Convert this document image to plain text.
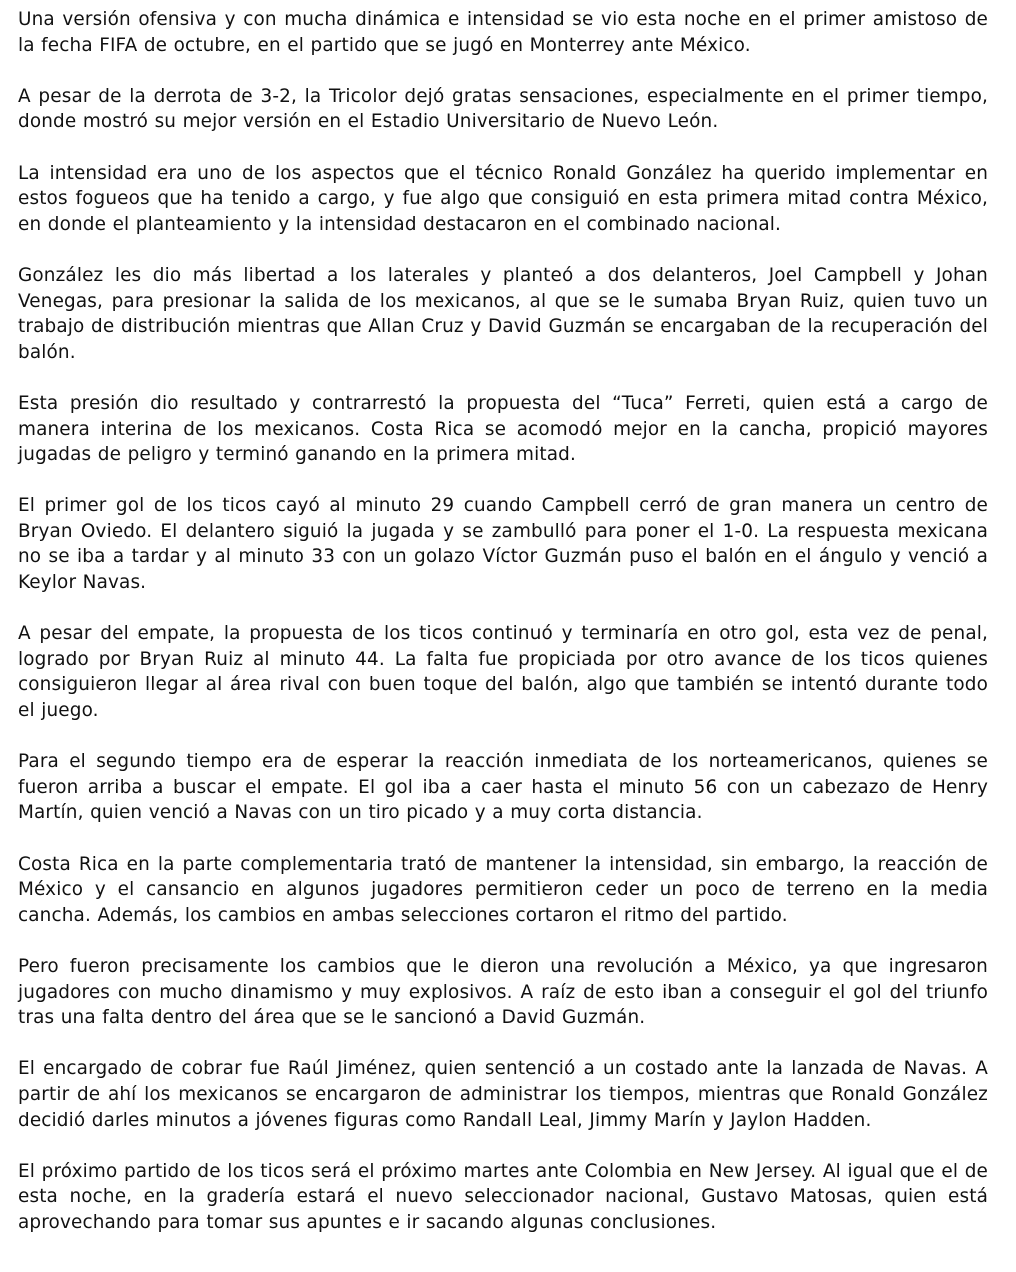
Una versión ofensiva y con mucha dinámica e intensidad se vio esta noche en el primer amistoso de la fecha FIFA de octubre, en el partido que se jugó en Monterrey ante México.

A pesar de la derrota de 3-2, la Tricolor dejó gratas sensaciones, especialmente en el primer tiempo, donde mostró su mejor versión en el Estadio Universitario de Nuevo León.

La intensidad era uno de los aspectos que el técnico Ronald González ha querido implementar en estos fogueos que ha tenido a cargo, y fue algo que consiguió en esta primera mitad contra México, en donde el planteamiento y la intensidad destacaron en el combinado nacional.

González les dio más libertad a los laterales y planteó a dos delanteros, Joel Campbell y Johan Venegas, para presionar la salida de los mexicanos, al que se le sumaba Bryan Ruiz, quien tuvo un trabajo de distribución mientras que Allan Cruz y David Guzmán se encargaban de la recuperación del balón.

Esta presión dio resultado y contrarrestó la propuesta del “Tuca” Ferreti, quien está a cargo de manera interina de los mexicanos. Costa Rica se acomodó mejor en la cancha, propició mayores jugadas de peligro y terminó ganando en la primera mitad.

El primer gol de los ticos cayó al minuto 29 cuando Campbell cerró de gran manera un centro de Bryan Oviedo. El delantero siguió la jugada y se zambulló para poner el 1-0. La respuesta mexicana no se iba a tardar y al minuto 33 con un golazo Víctor Guzmán puso el balón en el ángulo y venció a Keylor Navas.

A pesar del empate, la propuesta de los ticos continuó y terminaría en otro gol, esta vez de penal, logrado por Bryan Ruiz al minuto 44. La falta fue propiciada por otro avance de los ticos quienes consiguieron llegar al área rival con buen toque del balón, algo que también se intentó durante todo el juego.

Para el segundo tiempo era de esperar la reacción inmediata de los norteamericanos, quienes se fueron arriba a buscar el empate. El gol iba a caer hasta el minuto 56 con un cabezazo de Henry Martín, quien venció a Navas con un tiro picado y a muy corta distancia.

Costa Rica en la parte complementaria trató de mantener la intensidad, sin embargo, la reacción de México y el cansancio en algunos jugadores permitieron ceder un poco de terreno en la media cancha. Además, los cambios en ambas selecciones cortaron el ritmo del partido.

Pero fueron precisamente los cambios que le dieron una revolución a México, ya que ingresaron jugadores con mucho dinamismo y muy explosivos. A raíz de esto iban a conseguir el gol del triunfo tras una falta dentro del área que se le sancionó a David Guzmán.

El encargado de cobrar fue Raúl Jiménez, quien sentenció a un costado ante la lanzada de Navas. A partir de ahí los mexicanos se encargaron de administrar los tiempos, mientras que Ronald González decidió darles minutos a jóvenes figuras como Randall Leal, Jimmy Marín y Jaylon Hadden.

El próximo partido de los ticos será el próximo martes ante Colombia en New Jersey. Al igual que el de esta noche, en la gradería estará el nuevo seleccionador nacional, Gustavo Matosas, quien está aprovechando para tomar sus apuntes e ir sacando algunas conclusiones.
